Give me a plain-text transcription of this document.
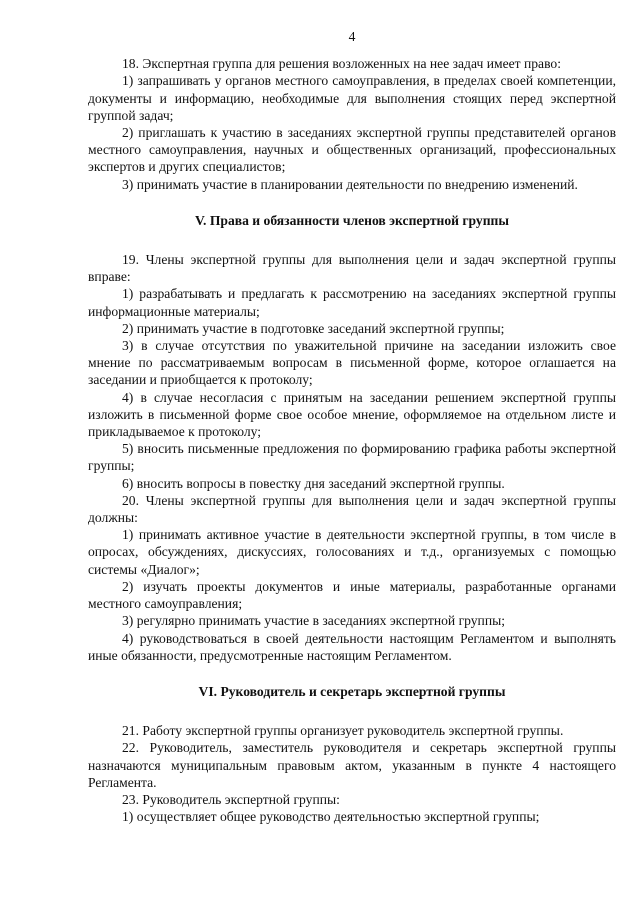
4

18. Экспертная группа для решения возложенных на нее задач имеет право:

1) запрашивать у органов местного самоуправления, в пределах своей компетенции, документы и информацию, необходимые для выполнения стоящих перед экспертной группой задач;

2) приглашать к участию в заседаниях экспертной группы представителей органов местного самоуправления, научных и общественных организаций, профессиональных экспертов и других специалистов;

3) принимать участие в планировании деятельности по внедрению изменений.

V. Права и обязанности членов экспертной группы

19. Члены экспертной группы для выполнения цели и задач экспертной группы вправе:

1) разрабатывать и предлагать к рассмотрению на заседаниях экспертной группы информационные материалы;

2) принимать участие в подготовке заседаний экспертной группы;

3) в случае отсутствия по уважительной причине на заседании изложить свое мнение по рассматриваемым вопросам в письменной форме, которое оглашается на заседании и приобщается к протоколу;

4) в случае несогласия с принятым на заседании решением экспертной группы изложить в письменной форме свое особое мнение, оформляемое на отдельном листе и прикладываемое к протоколу;

5) вносить письменные предложения по формированию графика работы экспертной группы;

6) вносить вопросы в повестку дня заседаний экспертной группы.

20. Члены экспертной группы для выполнения цели и задач экспертной группы должны:

1) принимать активное участие в деятельности экспертной группы, в том числе в опросах, обсуждениях, дискуссиях, голосованиях и т.д., организуемых с помощью системы «Диалог»;

2) изучать проекты документов и иные материалы, разработанные органами местного самоуправления;

3) регулярно принимать участие в заседаниях экспертной группы;

4) руководствоваться в своей деятельности настоящим Регламентом и выполнять иные обязанности, предусмотренные настоящим Регламентом.

VI. Руководитель и секретарь экспертной группы

21. Работу экспертной группы организует руководитель экспертной группы.

22. Руководитель, заместитель руководителя и секретарь экспертной группы назначаются муниципальным правовым актом, указанным в пункте 4 настоящего Регламента.

23. Руководитель экспертной группы:

1) осуществляет общее руководство деятельностью экспертной группы;
